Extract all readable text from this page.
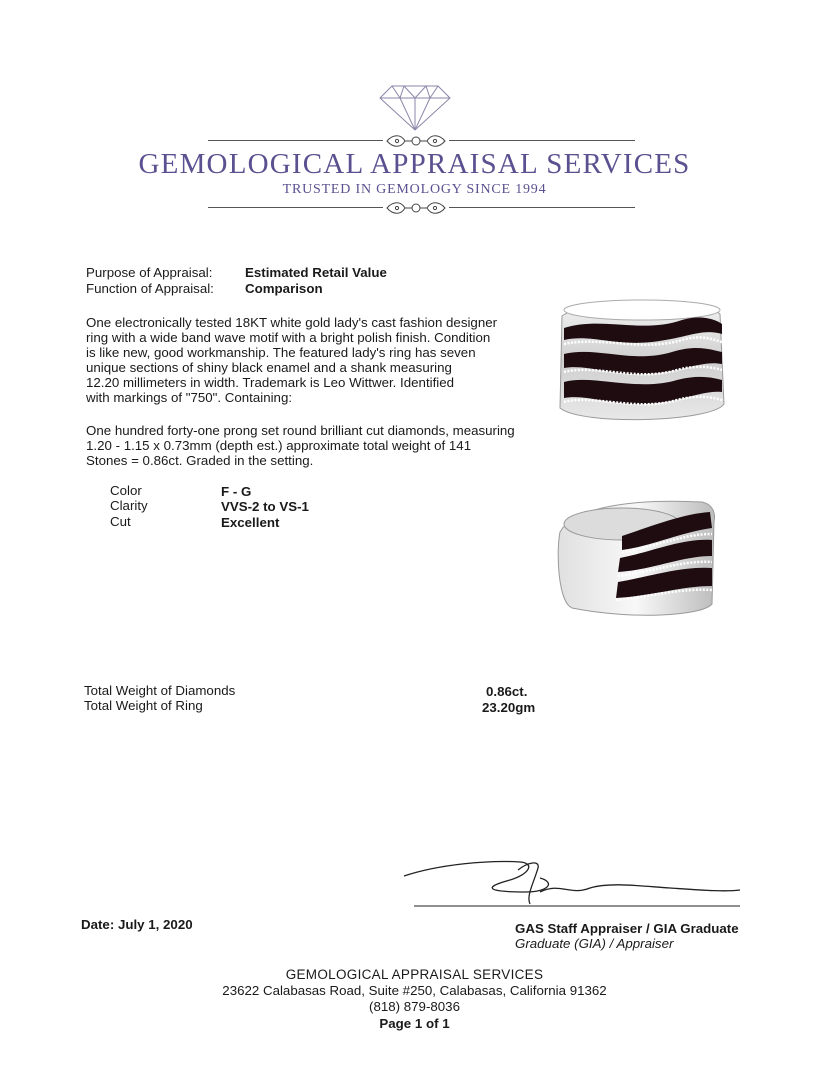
GEMOLOGICAL APPRAISAL SERVICES
TRUSTED IN GEMOLOGY SINCE 1994
Purpose of Appraisal: Estimated Retail Value
Function of Appraisal: Comparison
One electronically tested 18KT white gold lady's cast fashion designer
ring with a wide band wave motif with a bright polish finish. Condition
is like new, good workmanship. The featured lady's ring has seven
unique sections of shiny black enamel and a shank measuring
12.20 millimeters in width. Trademark is Leo Wittwer. Identified
with markings of "750". Containing:
One hundred forty-one prong set round brilliant cut diamonds, measuring
1.20 - 1.15 x 0.73mm (depth est.) approximate total weight of 141
Stones = 0.86ct. Graded in the setting.
Color	F - G
Clarity	VVS-2 to VS-1
Cut	Excellent
Total Weight of Diamonds	0.86ct.
Total Weight of Ring	23.20gm
Date: July 1, 2020	GAS Staff Appraiser / GIA Graduate
Graduate (GIA) / Appraiser
GEMOLOGICAL APPRAISAL SERVICES
23622 Calabasas Road, Suite #250, Calabasas, California 91362
(818) 879-8036
Page 1 of 1
